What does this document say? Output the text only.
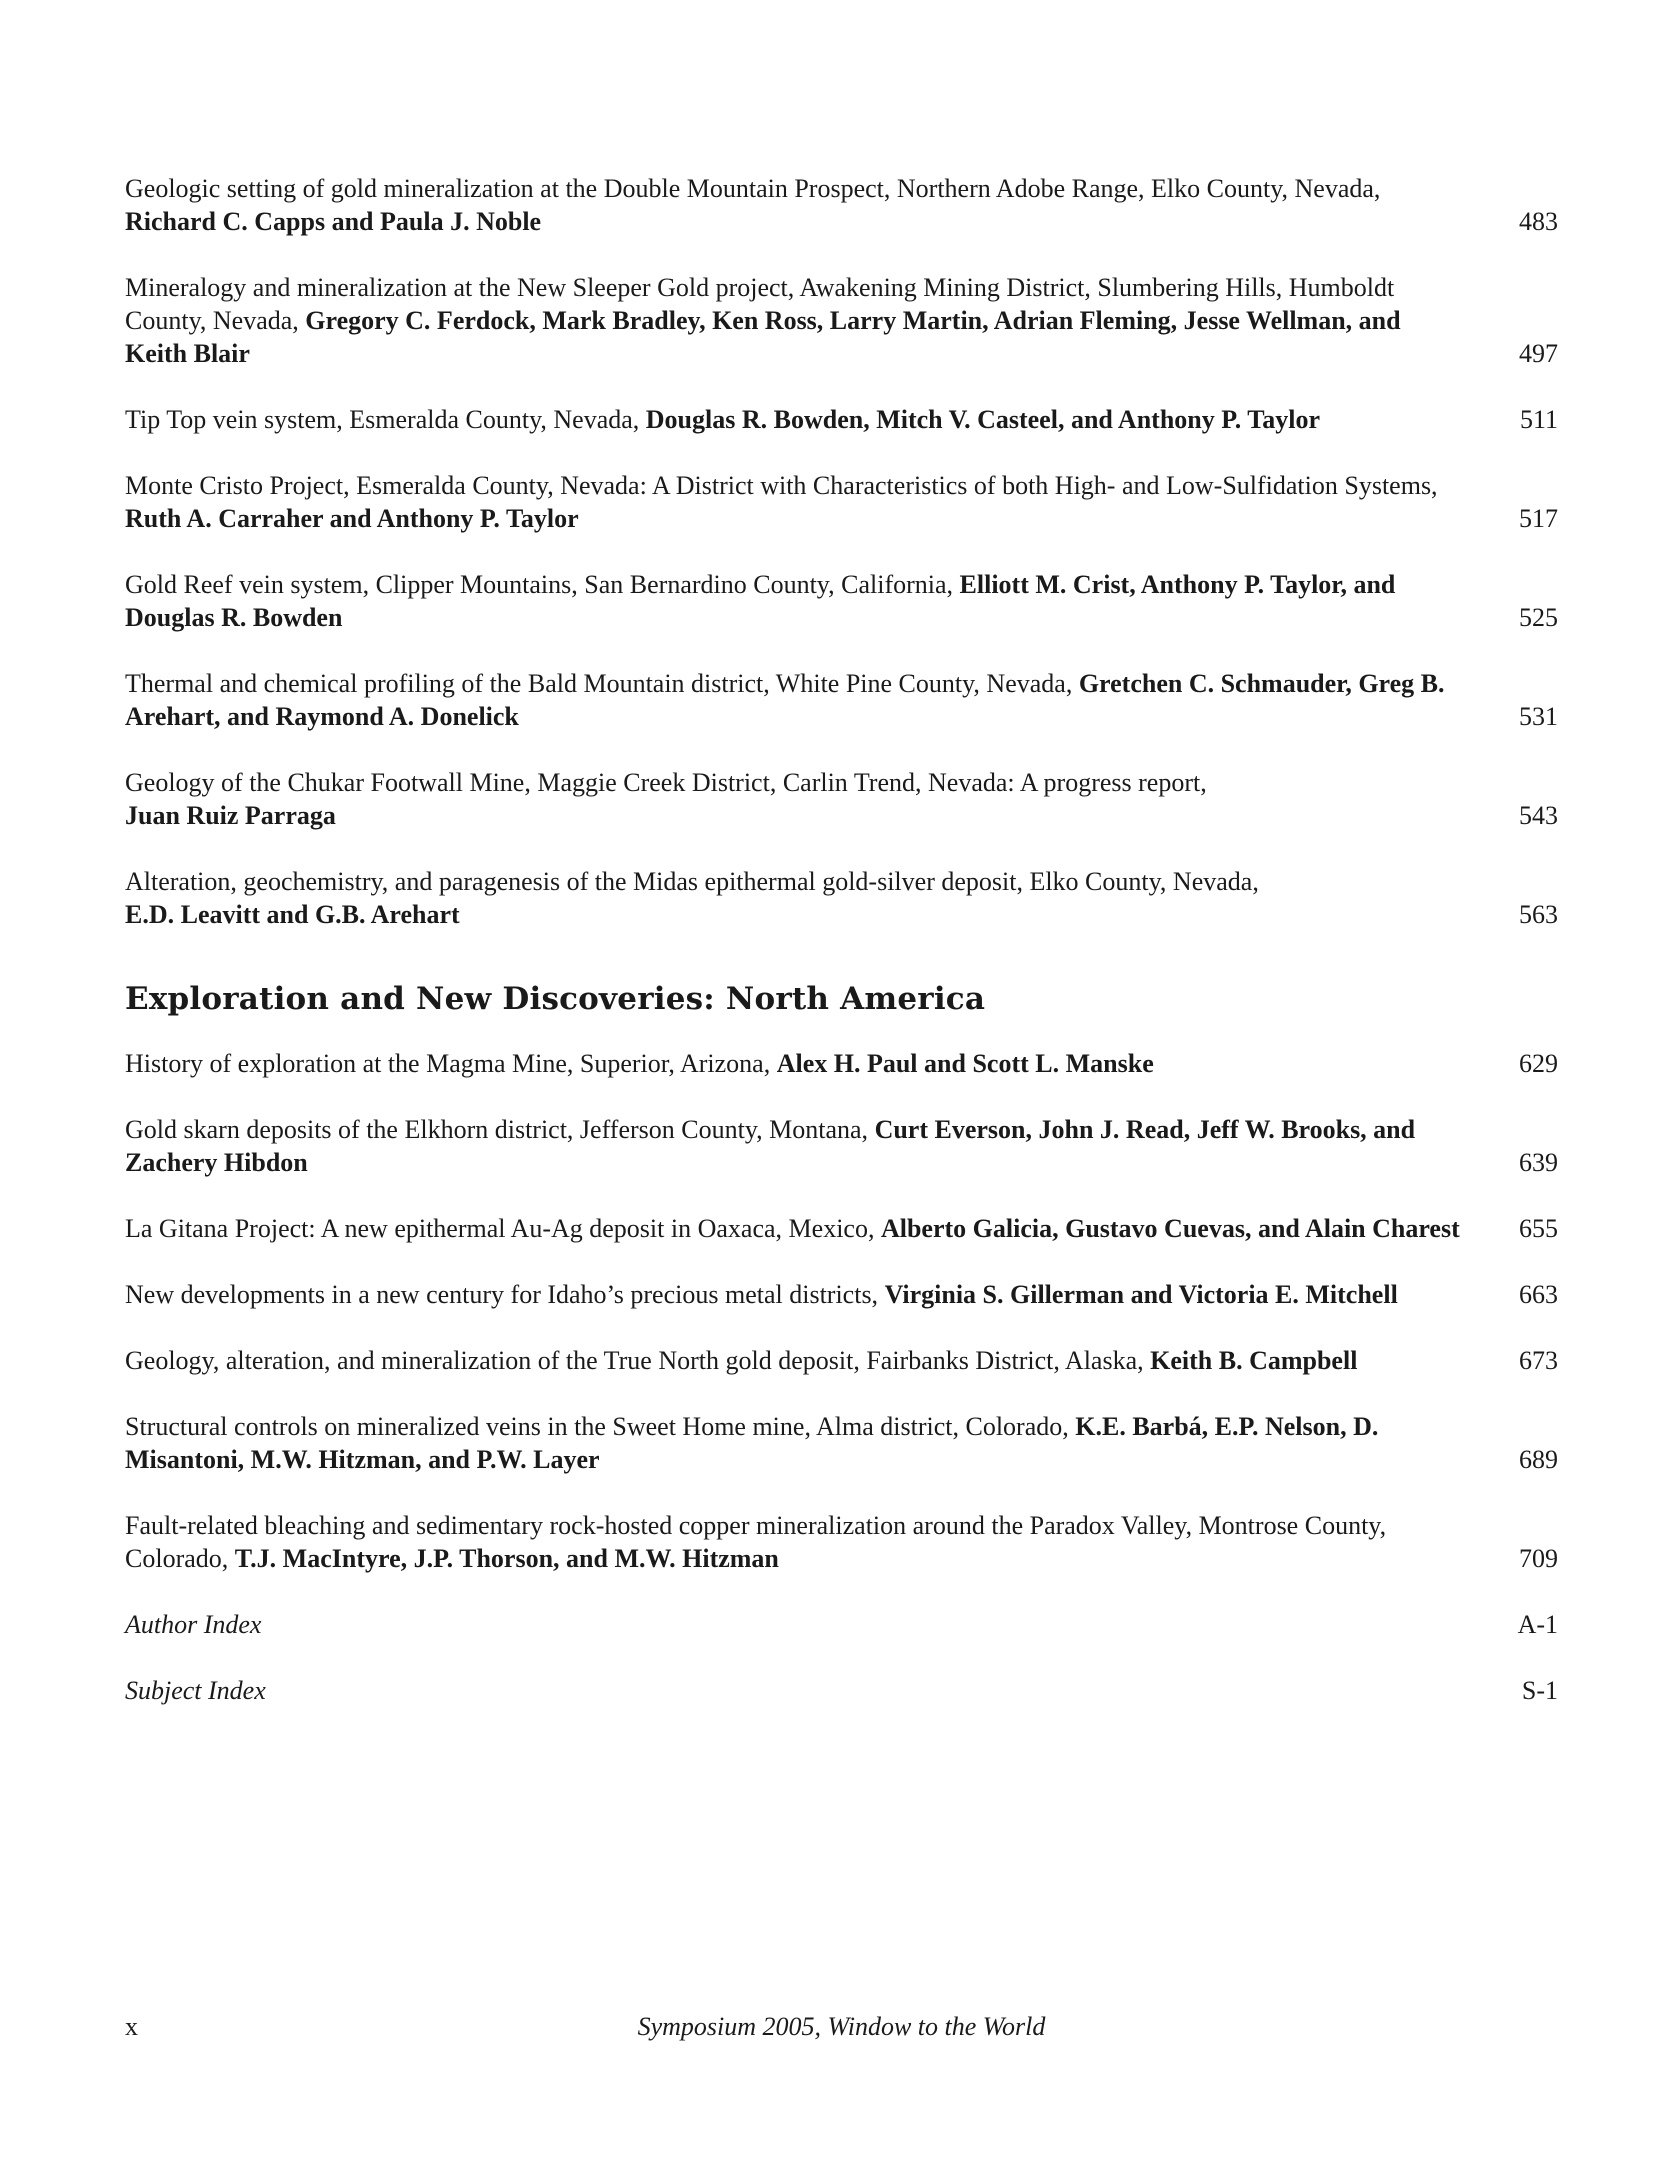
Geologic setting of gold mineralization at the Double Mountain Prospect, Northern Adobe Range, Elko County, Nevada, Richard C. Capps and Paula J. Noble	483
Mineralogy and mineralization at the New Sleeper Gold project, Awakening Mining District, Slumbering Hills, Humboldt County, Nevada, Gregory C. Ferdock, Mark Bradley, Ken Ross, Larry Martin, Adrian Fleming, Jesse Wellman, and Keith Blair	497
Tip Top vein system, Esmeralda County, Nevada, Douglas R. Bowden, Mitch V. Casteel, and Anthony P. Taylor	511
Monte Cristo Project, Esmeralda County, Nevada: A District with Characteristics of both High- and Low-Sulfidation Systems, Ruth A. Carraher and Anthony P. Taylor	517
Gold Reef vein system, Clipper Mountains, San Bernardino County, California, Elliott M. Crist, Anthony P. Taylor, and Douglas R. Bowden	525
Thermal and chemical profiling of the Bald Mountain district, White Pine County, Nevada, Gretchen C. Schmauder, Greg B. Arehart, and Raymond A. Donelick	531
Geology of the Chukar Footwall Mine, Maggie Creek District, Carlin Trend, Nevada: A progress report,
Juan Ruiz Parraga	543
Alteration, geochemistry, and paragenesis of the Midas epithermal gold-silver deposit, Elko County, Nevada,
E.D. Leavitt and G.B. Arehart	563
Exploration and New Discoveries: North America
History of exploration at the Magma Mine, Superior, Arizona, Alex H. Paul and Scott L. Manske	629
Gold skarn deposits of the Elkhorn district, Jefferson County, Montana, Curt Everson, John J. Read, Jeff W. Brooks, and Zachery Hibdon	639
La Gitana Project: A new epithermal Au-Ag deposit in Oaxaca, Mexico, Alberto Galicia, Gustavo Cuevas, and Alain Charest 655
New developments in a new century for Idaho’s precious metal districts, Virginia S. Gillerman and Victoria E. Mitchell	663
Geology, alteration, and mineralization of the True North gold deposit, Fairbanks District, Alaska, Keith B. Campbell	673
Structural controls on mineralized veins in the Sweet Home mine, Alma district, Colorado, K.E. Barbá, E.P. Nelson, D. Misantoni, M.W. Hitzman, and P.W. Layer	689
Fault-related bleaching and sedimentary rock-hosted copper mineralization around the Paradox Valley, Montrose County, Colorado, T.J. MacIntyre, J.P. Thorson, and M.W. Hitzman	709
Author Index	A-1
Subject Index	S-1
x	Symposium 2005, Window to the World
